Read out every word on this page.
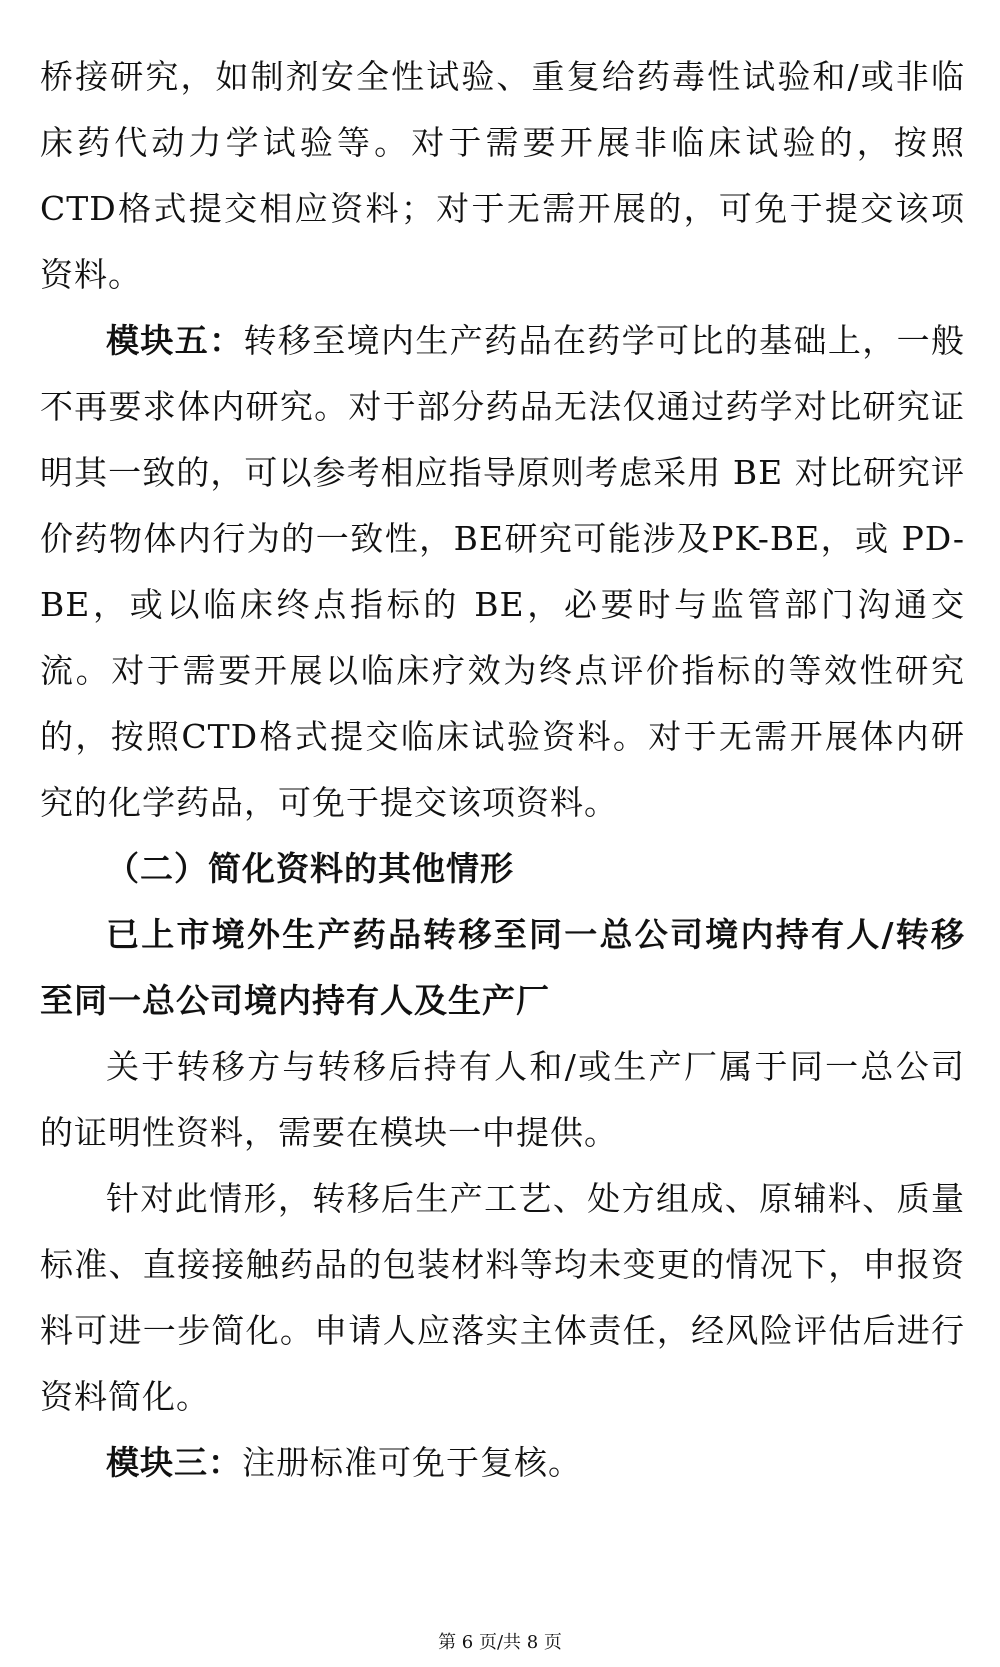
桥接研究，如制剂安全性试验、重复给药毒性试验和/或非临床药代动力学试验等。对于需要开展非临床试验的，按照CTD格式提交相应资料；对于无需开展的，可免于提交该项资料。

模块五：转移至境内生产药品在药学可比的基础上，一般不再要求体内研究。对于部分药品无法仅通过药学对比研究证明其一致的，可以参考相应指导原则考虑采用 BE 对比研究评价药物体内行为的一致性，BE研究可能涉及PK-BE，或 PD-BE，或以临床终点指标的 BE，必要时与监管部门沟通交流。对于需要开展以临床疗效为终点评价指标的等效性研究的，按照CTD格式提交临床试验资料。对于无需开展体内研究的化学药品，可免于提交该项资料。

（二）简化资料的其他情形

已上市境外生产药品转移至同一总公司境内持有人/转移至同一总公司境内持有人及生产厂

关于转移方与转移后持有人和/或生产厂属于同一总公司的证明性资料，需要在模块一中提供。

针对此情形，转移后生产工艺、处方组成、原辅料、质量标准、直接接触药品的包装材料等均未变更的情况下，申报资料可进一步简化。申请人应落实主体责任，经风险评估后进行资料简化。

模块三：注册标准可免于复核。

第 6 页/共 8 页
